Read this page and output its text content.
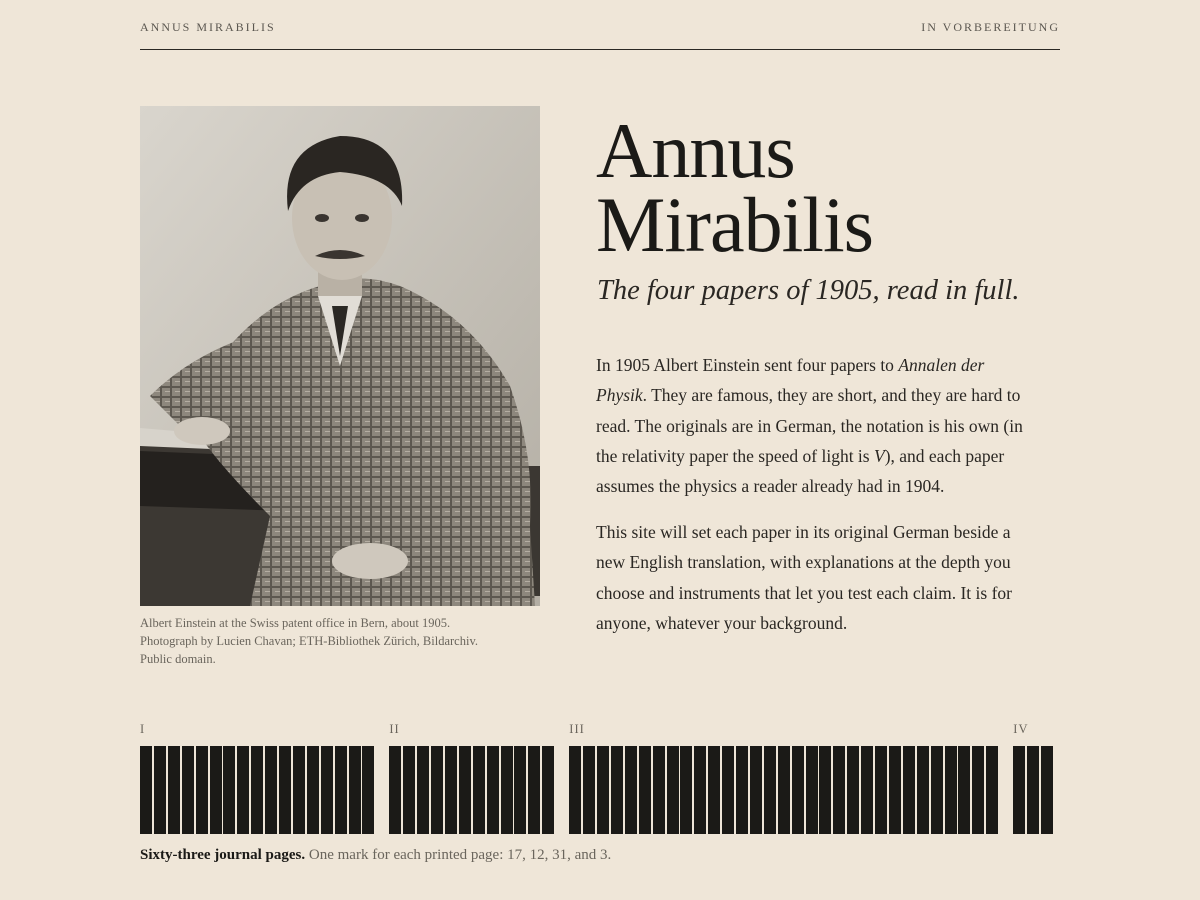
ANNUS MIRABILIS	IN VORBEREITUNG
Albert Einstein at the Swiss patent office in Bern, about 1905.
Photograph by Lucien Chavan; ETH-Bibliothek Zürich, Bildarchiv.
Public domain.
Annus
Mirabilis
The four papers of 1905, read in full.
In 1905 Albert Einstein sent four papers to Annalen der
Physik. They are famous, they are short, and they are hard to
read. The originals are in German, the notation is his own (in
the relativity paper the speed of light is V), and each paper
assumes the physics a reader already had in 1904.
This site will set each paper in its original German beside a
new English translation, with explanations at the depth you
choose and instruments that let you test each claim. It is for
anyone, whatever your background.
I	II	III	IV
Sixty-three journal pages. One mark for each printed page: 17, 12, 31, and 3.
